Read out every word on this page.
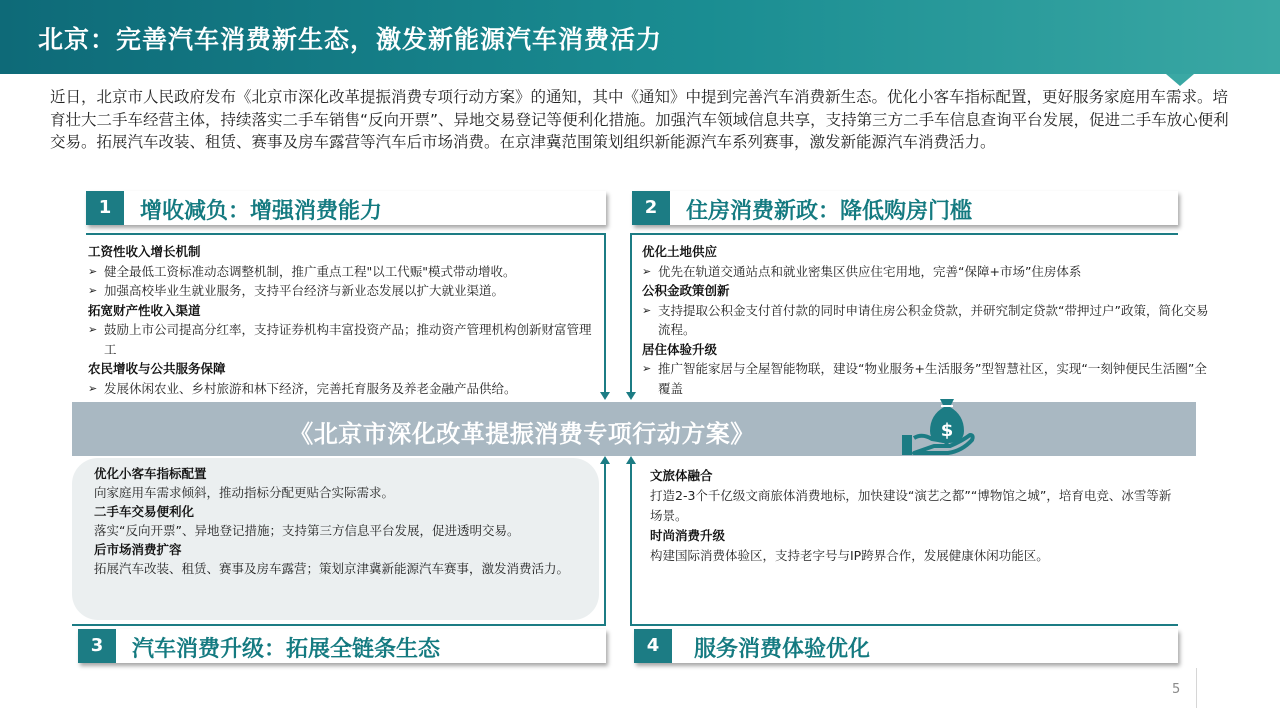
北京：完善汽车消费新生态，激发新能源汽车消费活力
近日，北京市人民政府发布《北京市深化改革提振消费专项行动方案》的通知，其中《通知》中提到完善汽车消费新生态。优化小客车指标配置，更好服务家庭用车需求。培育壮大二手车经营主体，持续落实二手车销售“反向开票”、异地交易登记等便利化措施。加强汽车领域信息共享，支持第三方二手车信息查询平台发展，促进二手车放心便利交易。拓展汽车改装、租赁、赛事及房车露营等汽车后市场消费。在京津冀范围策划组织新能源汽车系列赛事，激发新能源汽车消费活力。
1	增收减负：增强消费能力	2	住房消费新政：降低购房门槛
工资性收入增长机制
➢ 健全最低工资标准动态调整机制，推广重点工程"以工代赈"模式带动增收。
➢ 加强高校毕业生就业服务，支持平台经济与新业态发展以扩大就业渠道。
拓宽财产性收入渠道
➢ 鼓励上市公司提高分红率，支持证券机构丰富投资产品；推动资产管理机构创新财富管理工
农民增收与公共服务保障
➢ 发展休闲农业、乡村旅游和林下经济，完善托育服务及养老金融产品供给。
优化土地供应
➢ 优先在轨道交通站点和就业密集区供应住宅用地，完善“保障+市场”住房体系
公积金政策创新
➢ 支持提取公积金支付首付款的同时申请住房公积金贷款，并研究制定贷款“带押过户”政策，简化交易流程。
居住体验升级
➢ 推广智能家居与全屋智能物联，建设“物业服务+生活服务”型智慧社区，实现“一刻钟便民生活圈”全覆盖
《北京市深化改革提振消费专项行动方案》	$
优化小客车指标配置
向家庭用车需求倾斜，推动指标分配更贴合实际需求。
二手车交易便利化
落实“反向开票”、异地登记措施；支持第三方信息平台发展，促进透明交易。
后市场消费扩容
拓展汽车改装、租赁、赛事及房车露营；策划京津冀新能源汽车赛事，激发消费活力。
文旅体融合
打造2-3个千亿级文商旅体消费地标，加快建设“演艺之都”“博物馆之城”，培育电竞、冰雪等新场景。
时尚消费升级
构建国际消费体验区，支持老字号与IP跨界合作，发展健康休闲功能区。
3	汽车消费升级：拓展全链条生态	4	服务消费体验优化
5
